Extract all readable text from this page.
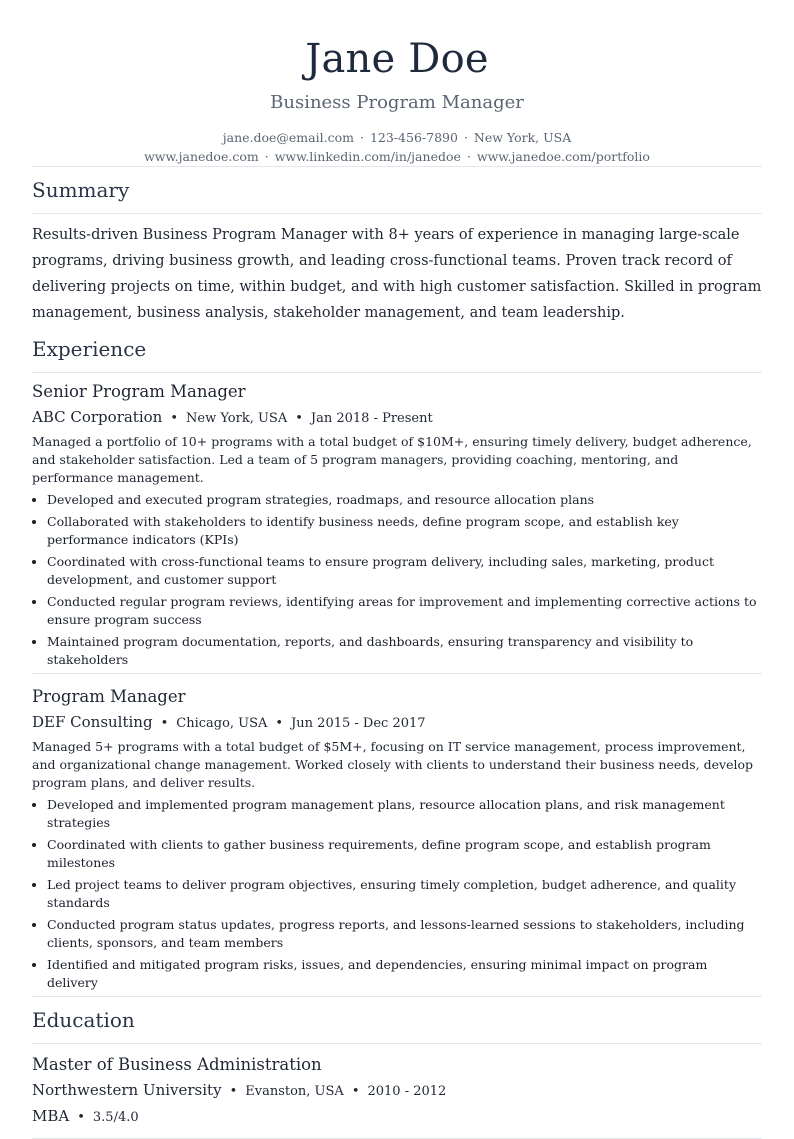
Jane Doe
Business Program Manager
jane.doe@email.com · 123-456-7890 · New York, USA
www.janedoe.com · www.linkedin.com/in/janedoe · www.janedoe.com/portfolio
Summary
Results-driven Business Program Manager with 8+ years of experience in managing large-scale programs, driving business growth, and leading cross-functional teams. Proven track record of delivering projects on time, within budget, and with high customer satisfaction. Skilled in program management, business analysis, stakeholder management, and team leadership.
Experience
Senior Program Manager
ABC Corporation • New York, USA • Jan 2018 - Present
Managed a portfolio of 10+ programs with a total budget of $10M+, ensuring timely delivery, budget adherence, and stakeholder satisfaction. Led a team of 5 program managers, providing coaching, mentoring, and performance management.
• Developed and executed program strategies, roadmaps, and resource allocation plans
• Collaborated with stakeholders to identify business needs, define program scope, and establish key performance indicators (KPIs)
• Coordinated with cross-functional teams to ensure program delivery, including sales, marketing, product development, and customer support
• Conducted regular program reviews, identifying areas for improvement and implementing corrective actions to ensure program success
• Maintained program documentation, reports, and dashboards, ensuring transparency and visibility to stakeholders
Program Manager
DEF Consulting • Chicago, USA • Jun 2015 - Dec 2017
Managed 5+ programs with a total budget of $5M+, focusing on IT service management, process improvement, and organizational change management. Worked closely with clients to understand their business needs, develop program plans, and deliver results.
• Developed and implemented program management plans, resource allocation plans, and risk management strategies
• Coordinated with clients to gather business requirements, define program scope, and establish program milestones
• Led project teams to deliver program objectives, ensuring timely completion, budget adherence, and quality standards
• Conducted program status updates, progress reports, and lessons-learned sessions to stakeholders, including clients, sponsors, and team members
• Identified and mitigated program risks, issues, and dependencies, ensuring minimal impact on program delivery
Education
Master of Business Administration
Northwestern University • Evanston, USA • 2010 - 2012
MBA • 3.5/4.0
